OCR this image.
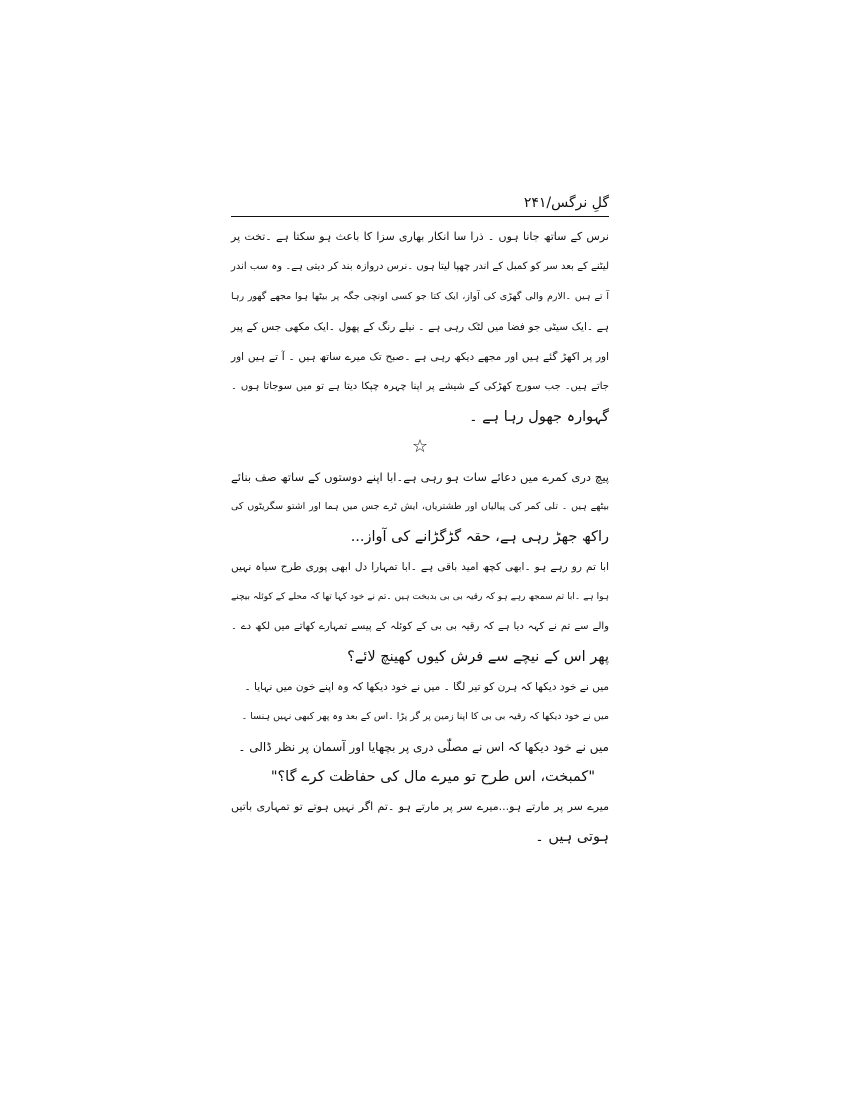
گلِ نرگس/۲۴۱
نرس کے ساتھ جانا ہوں ۔ ذرا سا انکار بھاری سزا کا باعث ہو سکتا ہے ۔تخت پر
لیٹنے کے بعد سر کو کمبل کے اندر چھپا لیتا ہوں ۔نرس دروازہ بند کر دیتی ہے۔ وہ سب اندر
آ تے ہیں ۔الارم والی گھڑی کی آواز، ایک کتا جو کسی اونچی جگہ پر بیٹھا ہوا مجھے گھور رہا
ہے ۔ایک سیٹی جو فضا میں لٹک رہی ہے ۔ نیلے رنگ کے پھول ۔ایک مکھی جس کے پیر
اور پر اکھڑ گئے ہیں اور مجھے دیکھ رہی ہے ۔صبح تک میرے ساتھ ہیں ۔ آ تے ہیں اور
جاتے ہیں۔ جب سورج کھڑکی کے شیشے پر اپنا چہرہ چپکا دیتا ہے تو میں سوجاتا ہوں ۔
گہوارہ جھول رہا ہے ۔
☆
پیچ دری کمرے میں دعائے سات ہو رہی ہے۔ابا اپنے دوستوں کے ساتھ صف بنائے
بیٹھے ہیں ۔ تلی کمر کی پیالیاں اور طشتریاں، ایش ٹرے جس میں ہما اور اشتو سگریٹوں کی
راکھ جھڑ رہی ہے، حقہ گڑگڑانے کی آواز...
ابا تم رو رہے ہو ۔ابھی کچھ امید باقی ہے ۔ابا تمہارا دل ابھی پوری طرح سیاہ نہیں
ہوا ہے ۔ابا تم سمجھ رہے ہو کہ رقیہ بی بی بدبخت ہیں ۔تم نے خود کہا تھا کہ محلے کے کوئلہ بیچنے
والے سے تم نے کہہ دیا ہے کہ رقیہ بی بی کے کوئلہ کے پیسے تمہارے کھاتے میں لکھ دے ۔
پھر اس کے نیچے سے فرش کیوں کھینچ لائے؟
میں نے خود دیکھا کہ ہرن کو تیر لگا ۔ میں نے خود دیکھا کہ وہ اپنے خون میں نہایا ۔
میں نے خود دیکھا کہ رقیہ بی بی کا اپنا زمین پر گر پڑا ۔اس کے بعد وہ پھر کبھی نہیں ہنسا ۔
میں نے خود دیکھا کہ اس نے مصلّٰی دری پر بچھایا اور آسمان پر نظر ڈالی ۔
"کمبخت، اس طرح تو میرے مال کی حفاظت کرے گا؟"
میرے سر پر مارتے ہو...میرے سر پر مارتے ہو ۔تم اگر نہیں ہوتے تو تمہاری باتیں
ہوتی ہیں ۔
